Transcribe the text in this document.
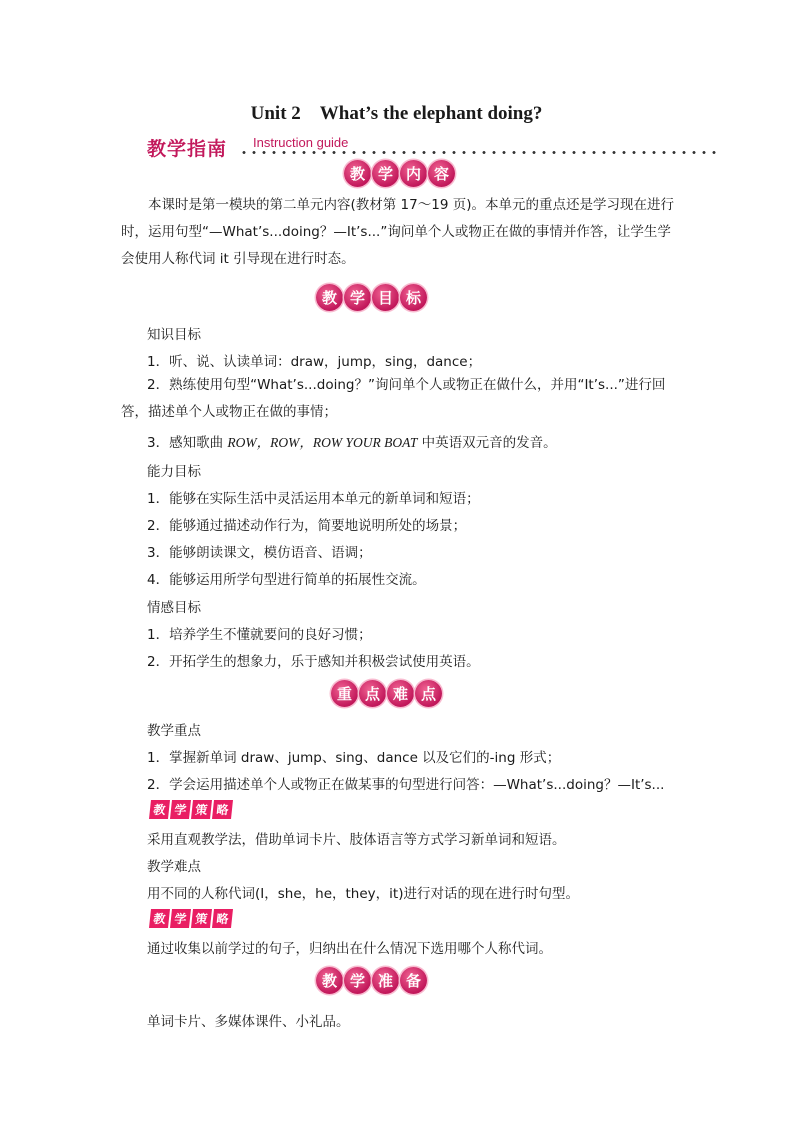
Unit 2　What’s the elephant doing?
教学指南 Instruction guide
教 学 内 容
本课时是第一模块的第二单元内容(教材第 17～19 页)。本单元的重点还是学习现在进行时，运用句型“—What’s...doing？—It’s...”询问单个人或物正在做的事情并作答，让学生学会使用人称代词 it 引导现在进行时态。
教 学 目 标
知识目标
1．听、说、认读单词：draw，jump，sing，dance；
2．熟练使用句型“What’s...doing？”询问单个人或物正在做什么，并用“It’s...”进行回答，描述单个人或物正在做的事情；
3．感知歌曲 ROW，ROW，ROW YOUR BOAT 中英语双元音的发音。
能力目标
1．能够在实际生活中灵活运用本单元的新单词和短语；
2．能够通过描述动作行为，简要地说明所处的场景；
3．能够朗读课文，模仿语音、语调；
4．能够运用所学句型进行简单的拓展性交流。
情感目标
1．培养学生不懂就要问的良好习惯；
2．开拓学生的想象力，乐于感知并积极尝试使用英语。
重 点 难 点
教学重点
1．掌握新单词 draw、jump、sing、dance 以及它们的-ing 形式；
2．学会运用描述单个人或物正在做某事的句型进行问答：—What’s...doing？—It’s...
教 学 策 略
采用直观教学法，借助单词卡片、肢体语言等方式学习新单词和短语。
教学难点
用不同的人称代词(I，she，he，they，it)进行对话的现在进行时句型。
教 学 策 略
通过收集以前学过的句子，归纳出在什么情况下选用哪个人称代词。
教 学 准 备
单词卡片、多媒体课件、小礼品。
